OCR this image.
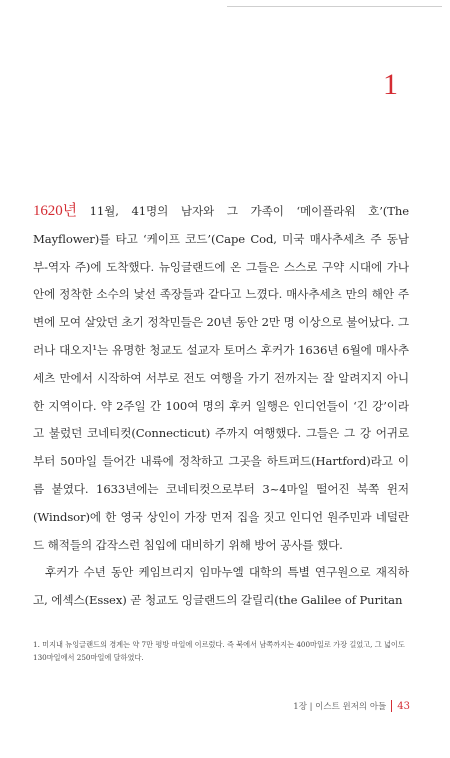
1

1620년 11월, 41명의 남자와 그 가족이 ‘메이플라워 호’(The Mayflower)를 타고 ‘케이프 코드’(Cape Cod, 미국 매사추세츠 주 동남부-역자 주)에 도착했다. 뉴잉글랜드에 온 그들은 스스로 구약 시대에 가나안에 정착한 소수의 낯선 족장들과 같다고 느꼈다. 매사추세츠 만의 해안 주변에 모여 살았던 초기 정착민들은 20년 동안 2만 명 이상으로 불어났다. 그러나 대오지¹는 유명한 청교도 설교자 토머스 후커가 1636년 6월에 매사추세츠 만에서 시작하여 서부로 전도 여행을 가기 전까지는 잘 알려지지 아니한 지역이다. 약 2주일 간 100여 명의 후커 일행은 인디언들이 ‘긴 강’이라고 불렀던 코네티컷(Connecticut) 주까지 여행했다. 그들은 그 강 어귀로부터 50마일 들어간 내륙에 정착하고 그곳을 하트퍼드(Hartford)라고 이름 붙였다. 1633년에는 코네티컷으로부터 3~4마일 떨어진 북쪽 윈저(Windsor)에 한 영국 상인이 가장 먼저 집을 짓고 인디언 원주민과 네덜란드 해적들의 갑작스런 침입에 대비하기 위해 방어 공사를 했다.

후커가 수년 동안 케임브리지 임마누엘 대학의 특별 연구원으로 재직하고, 에섹스(Essex) 곧 청교도 잉글랜드의 갈릴리(the Galilee of Puritan

1. 미지내 뉴잉글랜드의 경계는 약 7만 평방 마일에 이르렀다. 즉 북에서 남쪽까지는 400마일로 가장 길었고, 그 넓이도 130마일에서 250마일에 달하였다.
1장 | 이스트 윈저의 아들 43
